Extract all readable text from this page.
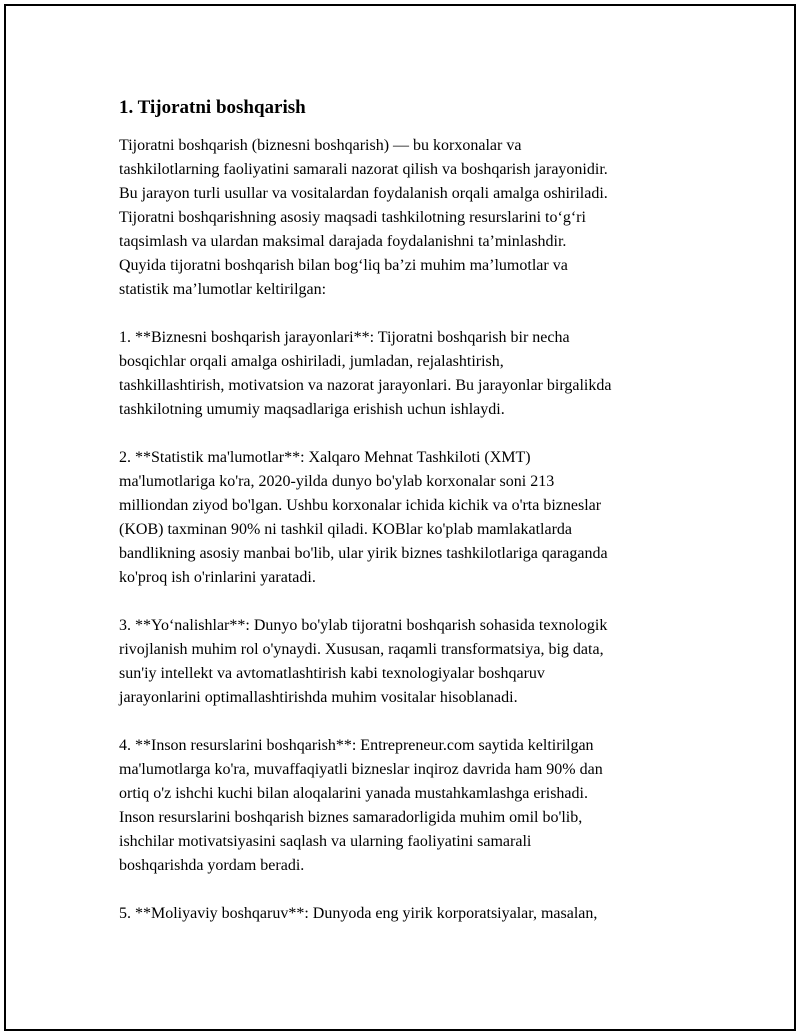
1. Tijoratni boshqarish

Tijoratni boshqarish (biznesni boshqarish) — bu korxonalar va
tashkilotlarning faoliyatini samarali nazorat qilish va boshqarish jarayonidir.
Bu jarayon turli usullar va vositalardan foydalanish orqali amalga oshiriladi.
Tijoratni boshqarishning asosiy maqsadi tashkilotning resurslarini toʻgʻri
taqsimlash va ulardan maksimal darajada foydalanishni taʼminlashdir.
Quyida tijoratni boshqarish bilan bogʻliq baʼzi muhim maʼlumotlar va
statistik maʼlumotlar keltirilgan:

1. **Biznesni boshqarish jarayonlari**: Tijoratni boshqarish bir necha
bosqichlar orqali amalga oshiriladi, jumladan, rejalashtirish,
tashkillashtirish, motivatsion va nazorat jarayonlari. Bu jarayonlar birgalikda
tashkilotning umumiy maqsadlariga erishish uchun ishlaydi.

2. **Statistik ma'lumotlar**: Xalqaro Mehnat Tashkiloti (XMT)
ma'lumotlariga ko'ra, 2020-yilda dunyo bo'ylab korxonalar soni 213
milliondan ziyod bo'lgan. Ushbu korxonalar ichida kichik va o'rta bizneslar
(KOB) taxminan 90% ni tashkil qiladi. KOBlar ko'plab mamlakatlarda
bandlikning asosiy manbai bo'lib, ular yirik biznes tashkilotlariga qaraganda
ko'proq ish o'rinlarini yaratadi.

3. **Yoʻnalishlar**: Dunyo bo'ylab tijoratni boshqarish sohasida texnologik
rivojlanish muhim rol o'ynaydi. Xususan, raqamli transformatsiya, big data,
sun'iy intellekt va avtomatlashtirish kabi texnologiyalar boshqaruv
jarayonlarini optimallashtirishda muhim vositalar hisoblanadi.

4. **Inson resurslarini boshqarish**: Entrepreneur.com saytida keltirilgan
ma'lumotlarga ko'ra, muvaffaqiyatli bizneslar inqiroz davrida ham 90% dan
ortiq o'z ishchi kuchi bilan aloqalarini yanada mustahkamlashga erishadi.
Inson resurslarini boshqarish biznes samaradorligida muhim omil bo'lib,
ishchilar motivatsiyasini saqlash va ularning faoliyatini samarali
boshqarishda yordam beradi.

5. **Moliyaviy boshqaruv**: Dunyoda eng yirik korporatsiyalar, masalan,
